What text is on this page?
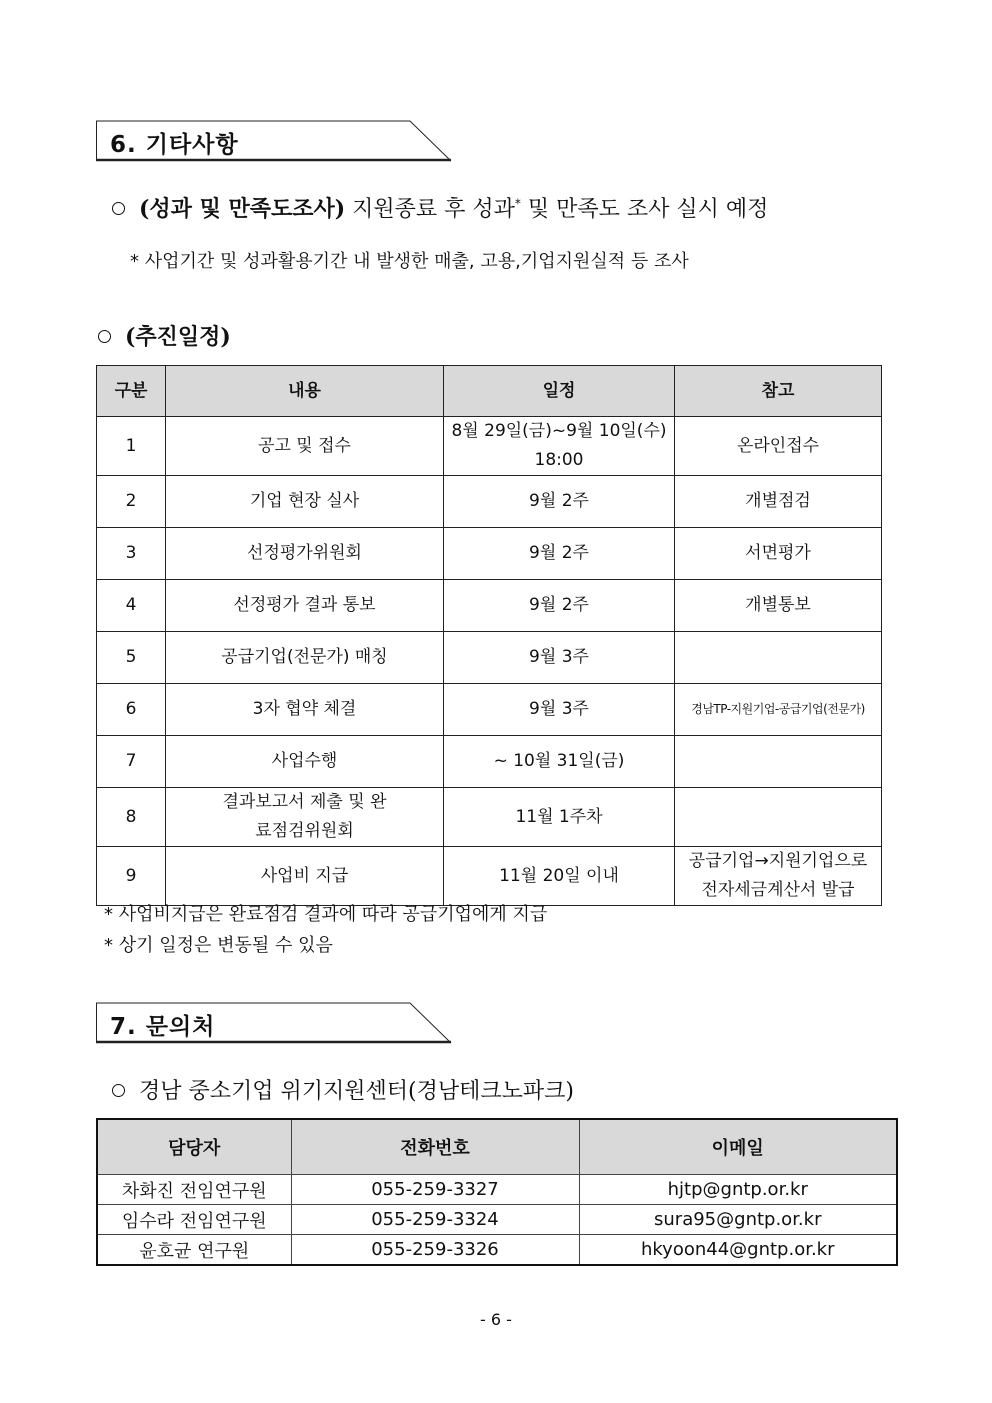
6. 기타사항
(성과 및 만족도조사) 지원종료 후 성과* 및 만족도 조사 실시 예정
* 사업기간 및 성과활용기간 내 발생한 매출, 고용,기업지원실적 등 조사
(추진일정)
구분	내용	일정	참고
1	공고 및 접수	8월 29일(금)~9월 10일(수) 18:00	온라인접수
2	기업 현장 실사	9월 2주	개별점검
3	선정평가위원회	9월 2주	서면평가
4	선정평가 결과 통보	9월 2주	개별통보
5	공급기업(전문가) 매칭	9월 3주	
6	3자 협약 체결	9월 3주	경남TP-지원기업-공급기업(전문가)
7	사업수행	~ 10월 31일(금)	
8	결과보고서 제출 및 완료점검위원회	11월 1주차	
9	사업비 지급	11월 20일 이내	공급기업→지원기업으로 전자세금계산서 발급
* 사업비지급은 완료점검 결과에 따라 공급기업에게 지급
* 상기 일정은 변동될 수 있음
7. 문의처
경남 중소기업 위기지원센터(경남테크노파크)
담당자	전화번호	이메일
차화진 전임연구원	055-259-3327	hjtp@gntp.or.kr
임수라 전임연구원	055-259-3324	sura95@gntp.or.kr
윤호균 연구원	055-259-3326	hkyoon44@gntp.or.kr
- 6 -
